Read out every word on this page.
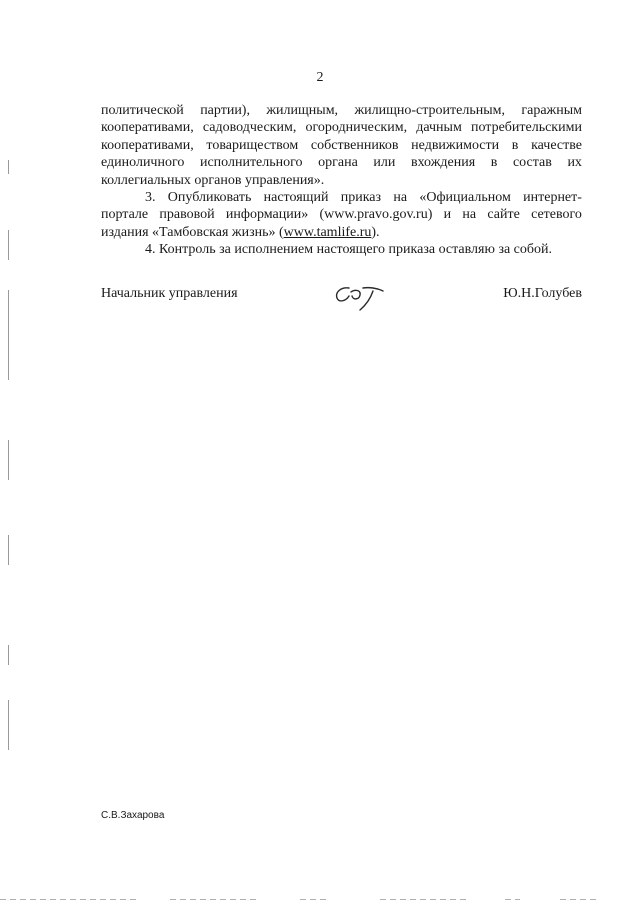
2
политической партии), жилищным, жилищно-строительным, гаражным
кооперативами, садоводческим, огородническим, дачным потребительскими
кооперативами, товариществом собственников недвижимости в качестве
единоличного исполнительного органа или вхождения в состав их
коллегиальных органов управления».
3. Опубликовать настоящий приказ на «Официальном интернет-
портале правовой информации» (www.pravo.gov.ru) и на сайте сетевого
издания «Тамбовская жизнь» (www.tamlife.ru).
4. Контроль за исполнением настоящего приказа оставляю за собой.
Начальник управления	Ю.Н.Голубев
С.В.Захарова
